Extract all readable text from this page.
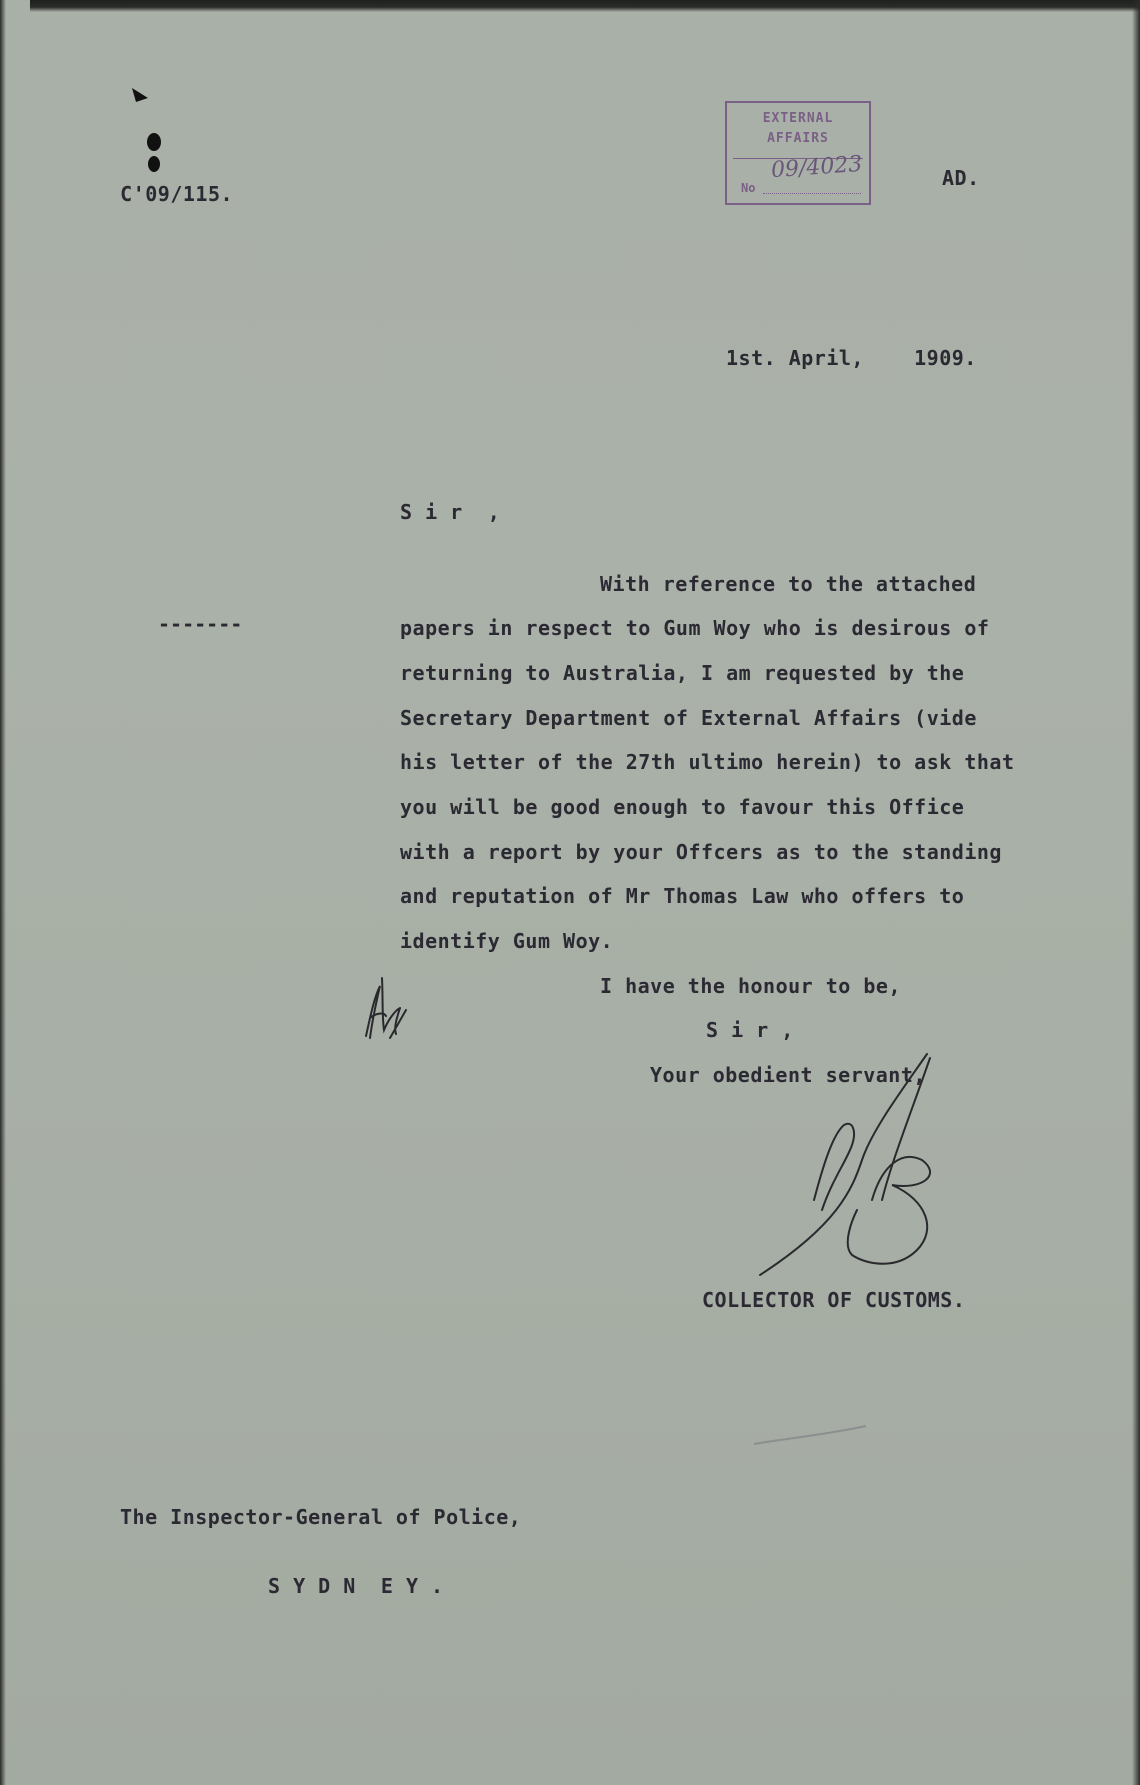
C'09/115.

EXTERNAL
AFFAIRS
09/4023
No	AD.
1st. April,    1909.
S i r  ,
-------
With reference to the attached
papers in respect to Gum Woy who is desirous of
returning to Australia, I am requested by the
Secretary Department of External Affairs (vide
his letter of the 27th ultimo herein) to ask that
you will be good enough to favour this Office
with a report by your Offcers as to the standing
and reputation of Mr Thomas Law who offers to
identify Gum Woy.
I have the honour to be,
S i r ,
Your obedient servant,
COLLECTOR OF CUSTOMS.
The Inspector-General of Police,
S Y D N  E Y .
